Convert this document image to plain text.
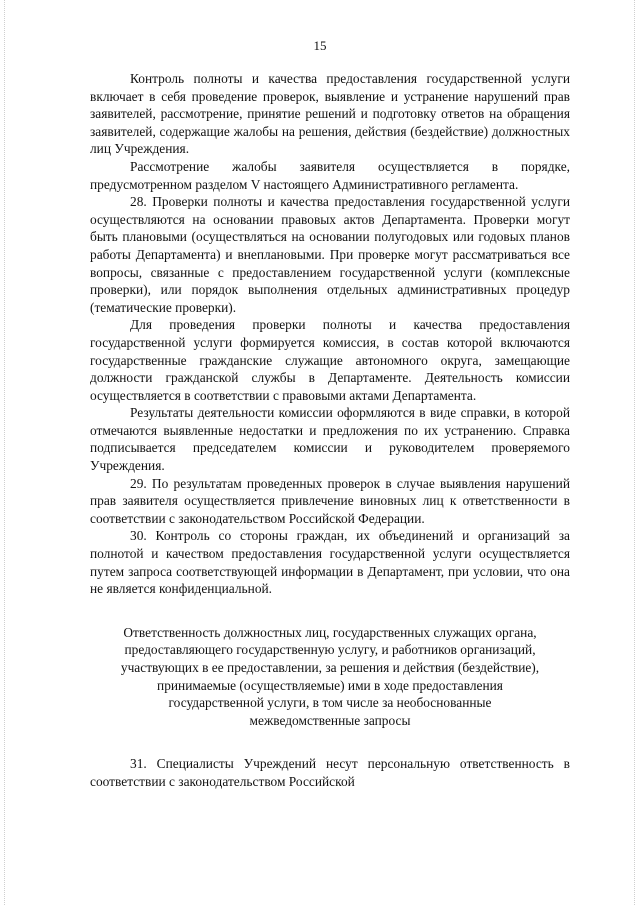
15

Контроль полноты и качества предоставления государственной услуги включает в себя проведение проверок, выявление и устранение нарушений прав заявителей, рассмотрение, принятие решений и подготовку ответов на обращения заявителей, содержащие жалобы на решения, действия (бездействие) должностных лиц Учреждения.

Рассмотрение жалобы заявителя осуществляется в порядке, предусмотренном разделом V настоящего Административного регламента.

28. Проверки полноты и качества предоставления государственной услуги осуществляются на основании правовых актов Департамента. Проверки могут быть плановыми (осуществляться на основании полугодовых или годовых планов работы Департамента) и внеплановыми. При проверке могут рассматриваться все вопросы, связанные с предоставлением государственной услуги (комплексные проверки), или порядок выполнения отдельных административных процедур (тематические проверки).

Для проведения проверки полноты и качества предоставления государственной услуги формируется комиссия, в состав которой включаются государственные гражданские служащие автономного округа, замещающие должности гражданской службы в Департаменте. Деятельность комиссии осуществляется в соответствии с правовыми актами Департамента.

Результаты деятельности комиссии оформляются в виде справки, в которой отмечаются выявленные недостатки и предложения по их устранению. Справка подписывается председателем комиссии и руководителем проверяемого Учреждения.

29. По результатам проведенных проверок в случае выявления нарушений прав заявителя осуществляется привлечение виновных лиц к ответственности в соответствии с законодательством Российской Федерации.

30. Контроль со стороны граждан, их объединений и организаций за полнотой и качеством предоставления государственной услуги осуществляется путем запроса соответствующей информации в Департамент, при условии, что она не является конфиденциальной.

Ответственность должностных лиц, государственных служащих органа,
предоставляющего государственную услугу, и работников организаций,
участвующих в ее предоставлении, за решения и действия (бездействие),
принимаемые (осуществляемые) ими в ходе предоставления
государственной услуги, в том числе за необоснованные
межведомственные запросы

31. Специалисты Учреждений несут персональную ответственность в соответствии с законодательством Российской
